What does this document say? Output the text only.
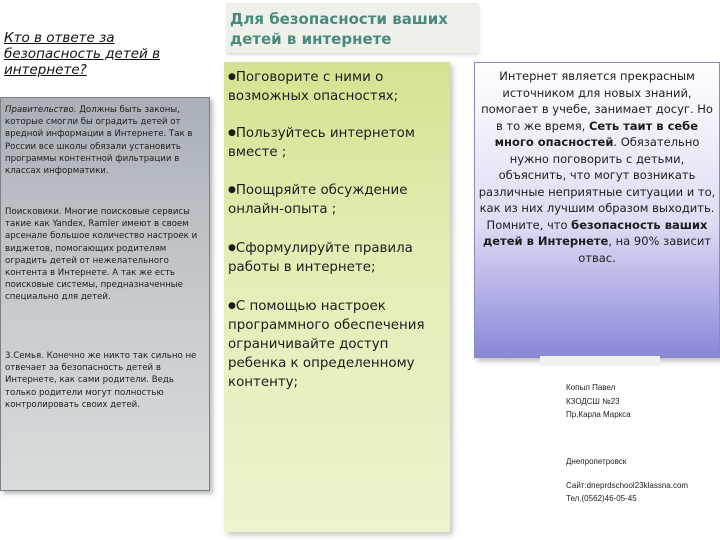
Кто в ответе за безопасность детей в интернете?

Правительство. Должны быть законы, которые смогли бы оградить детей от вредной информации в Интернете. Так в России все школы обязали установить программы контентной фильтрации в классах информатики.

Поисковики. Многие поисковые сервисы такие как Yandex, Ramler имеют в своем арсенале большое количество настроек и виджетов, помогающих родителям оградить детей от нежелательного контента в Интернете. А так же есть поисковые системы, предназначенные специально для детей.

3.Семья. Конечно же никто так сильно не отвечает за безопасность детей в Интернете, как сами родители. Ведь только родители могут полностью контролировать своих детей.

Для безопасности ваших детей в интернете
●Поговорите с ними о возможных опасностях;
●Пользуйтесь интернетом вместе ;
●Поощряйте обсуждение онлайн-опыта ;
●Сформулируйте правила работы в интернете;
●С помощью настроек программного обеспечения ограничивайте доступ ребенка к определенному контенту;

Интернет является прекрасным источником для новых знаний, помогает в учебе, занимает досуг. Но в то же время, Сеть таит в себе много опасностей. Обязательно нужно поговорить с детьми, объяснить, что могут возникать различные неприятные ситуации и то, как из них лучшим образом выходить. Помните, что безопасность ваших детей в Интернете, на 90% зависит отвас.

Копыл Павел

КЗОДСШ №23

Пр.Карла Маркса

Днепропетровск

Сайт:dneprdschool23klassna.com

Тел.(0562)46-05-45
